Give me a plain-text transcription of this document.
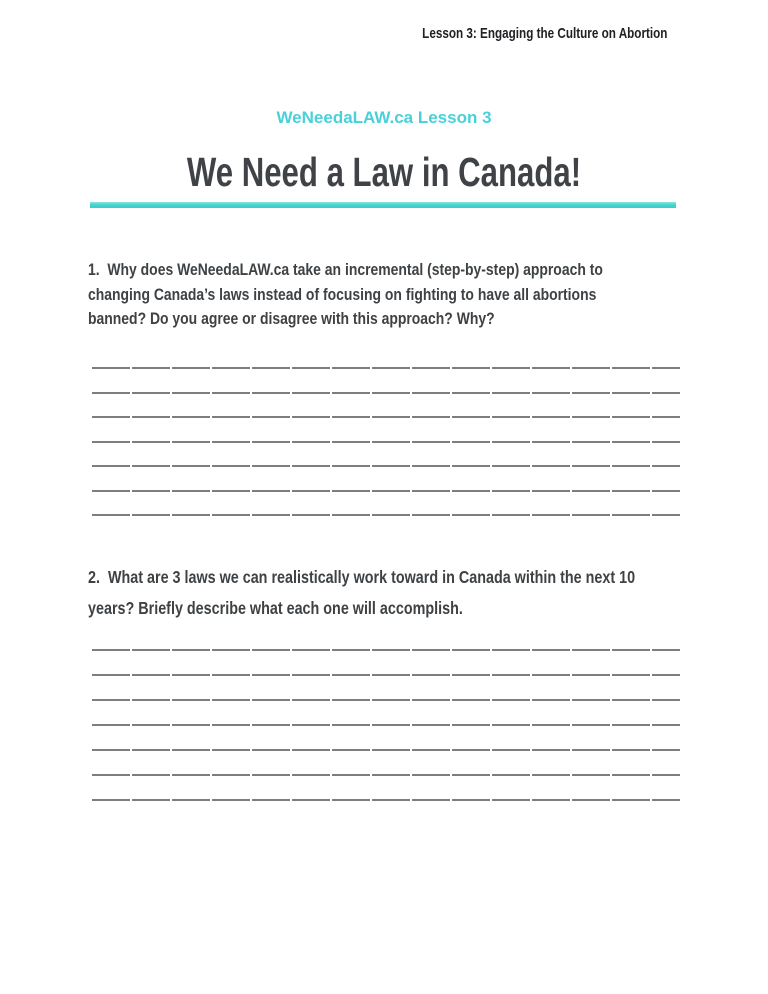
Lesson 3: Engaging the Culture on Abortion
WeNeedaLAW.ca Lesson 3
We Need a Law in Canada!
1.  Why does WeNeedaLAW.ca take an incremental (step-by-step) approach to
changing Canada’s laws instead of focusing on fighting to have all abortions
banned? Do you agree or disagree with this approach? Why?
2.  What are 3 laws we can realistically work toward in Canada within the next 10
years? Briefly describe what each one will accomplish.
